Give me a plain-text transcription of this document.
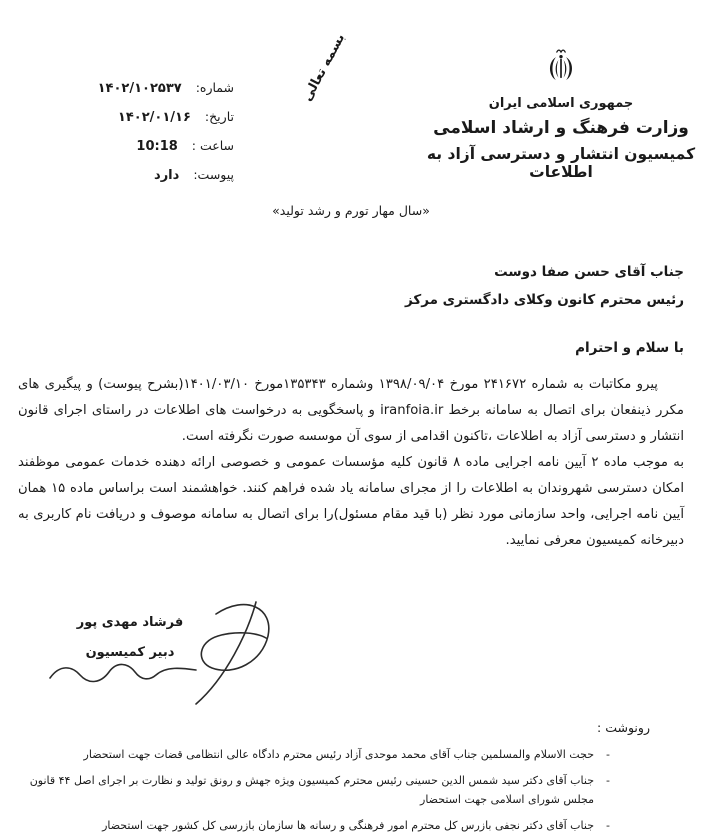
شماره:
۱۴۰۲/۱۰۲۵۳۷
تاریخ:
۱۴۰۲/۰۱/۱۶
ساعت :
10:18
پیوست:
دارد
بسمه تعالی	جمهوری اسلامی ایران
وزارت فرهنگ و ارشاد اسلامی
کمیسیون انتشار و دسترسی آزاد به اطلاعات
«سال مهار تورم و رشد تولید»
جناب آقای حسن صفا دوست
رئیس محترم کانون وکلای دادگستری مرکز
با سلام و احترام

پیرو مکاتبات به شماره ۲۴۱۶۷۲ مورخ ۱۳۹۸/۰۹/۰۴ وشماره ۱۳۵۳۴۳مورخ ۱۴۰۱/۰۳/۱۰(بشرح پیوست) و پیگیری های مکرر ذینفعان برای اتصال به سامانه برخط iranfoia.ir و پاسخگویی به درخواست های اطلاعات در راستای اجرای قانون انتشار و دسترسی آزاد به اطلاعات ،تاکنون اقدامی از سوی آن موسسه صورت نگرفته است.

به موجب ماده ۲ آیین نامه اجرایی ماده ۸ قانون کلیه مؤسسات عمومی و خصوصی ارائه دهنده خدمات عمومی موظفند امکان دسترسی شهروندان به اطلاعات را از مجرای سامانه یاد شده فراهم کنند. خواهشمند است براساس ماده ۱۵ همان آیین نامه اجرایی، واحد سازمانی مورد نظر (با قید مقام مسئول)را برای اتصال به سامانه موصوف و دریافت نام کاربری به دبیرخانه کمیسیون معرفی نمایید.

فرشاد مهدی پور
دبیر کمیسیون
رونوشت :
-
حجت الاسلام والمسلمین جناب آقای محمد موحدی آزاد رئیس محترم دادگاه عالی انتظامی قضات جهت استحضار
-
جناب آقای دکتر سید شمس الدین حسینی رئیس محترم کمیسیون ویژه جهش و رونق تولید و نظارت بر اجرای اصل ۴۴ قانون مجلس شورای اسلامی جهت استحضار
-
جناب آقای دکتر نجفی بازرس کل محترم امور فرهنگی و رسانه ها سازمان بازرسی کل کشور جهت استحضار
